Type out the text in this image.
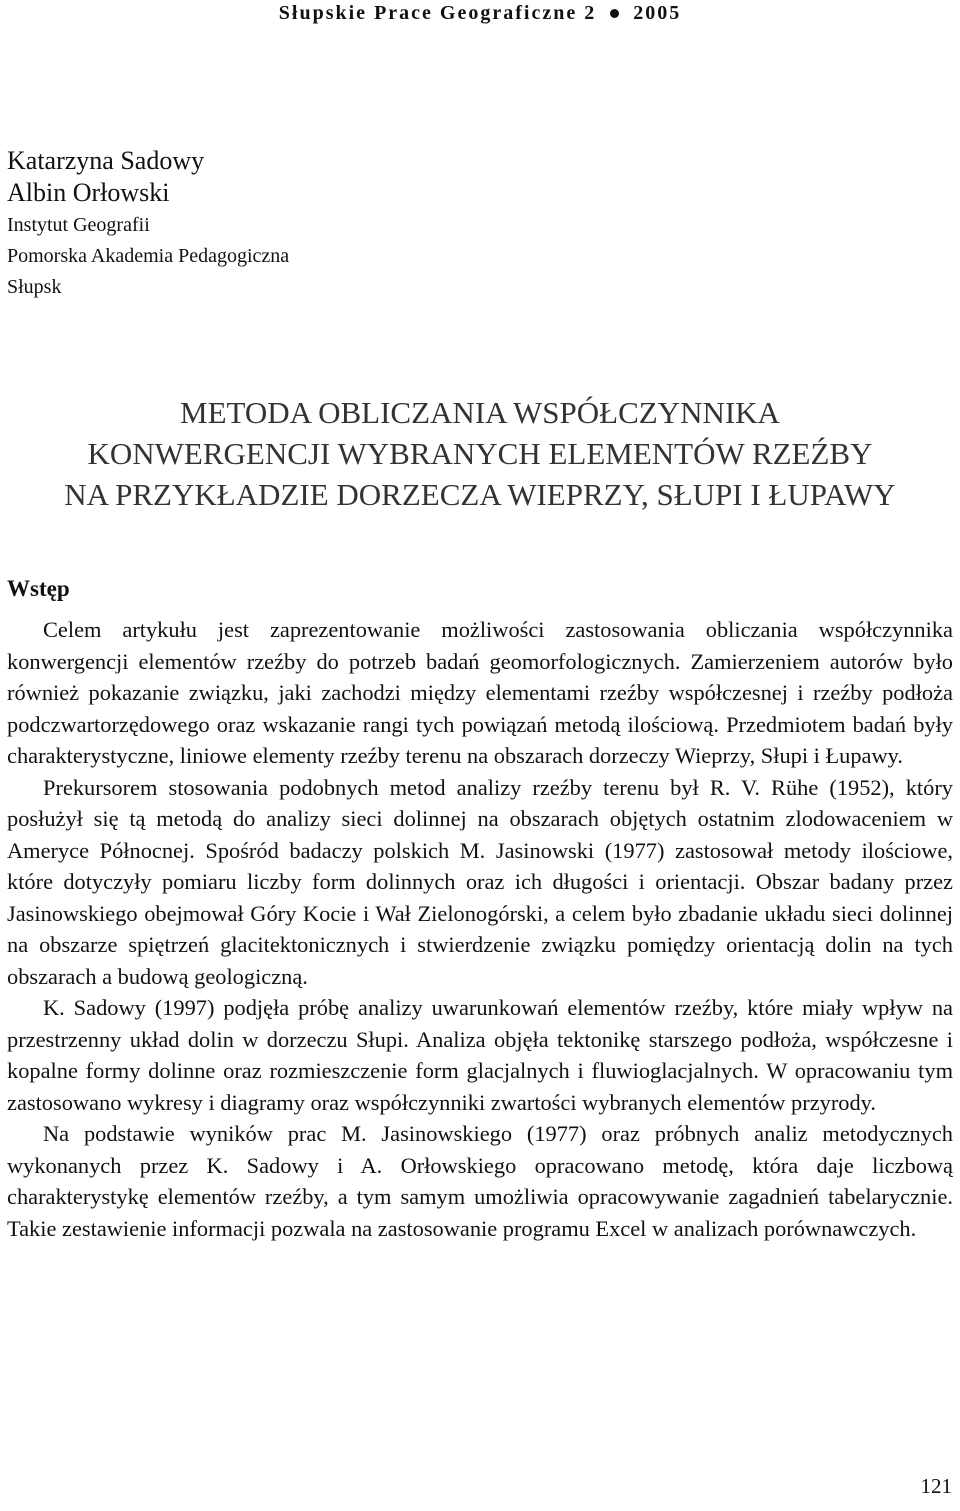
Słupskie Prace Geograficzne 2 2005
Katarzyna Sadowy
Albin Orłowski
Instytut Geografii
Pomorska Akademia Pedagogiczna
Słupsk
METODA OBLICZANIA WSPÓŁCZYNNIKA
KONWERGENCJI WYBRANYCH ELEMENTÓW RZEŹBY
NA PRZYKŁADZIE DORZECZA WIEPRZY, SŁUPI I ŁUPAWY
Wstęp

Celem artykułu jest zaprezentowanie możliwości zastosowania obliczania współczynnika konwergencji elementów rzeźby do potrzeb badań geomorfologicznych. Zamierzeniem autorów było również pokazanie związku, jaki zachodzi między elementami rzeźby współczesnej i rzeźby podłoża podczwartorzędowego oraz wskazanie rangi tych powiązań metodą ilościową. Przedmiotem badań były charakterystyczne, liniowe elementy rzeźby terenu na obszarach dorzeczy Wieprzy, Słupi i Łupawy.

Prekursorem stosowania podobnych metod analizy rzeźby terenu był R. V. Rühe (1952), który posłużył się tą metodą do analizy sieci dolinnej na obszarach objętych ostatnim zlodowaceniem w Ameryce Północnej. Spośród badaczy polskich M. Jasinowski (1977) zastosował metody ilościowe, które dotyczyły pomiaru liczby form dolinnych oraz ich długości i orientacji. Obszar badany przez Jasinowskiego obejmował Góry Kocie i Wał Zielonogórski, a celem było zbadanie układu sieci dolinnej na obszarze spiętrzeń glacitektonicznych i stwierdzenie związku pomiędzy orientacją dolin na tych obszarach a budową geologiczną.

K. Sadowy (1997) podjęła próbę analizy uwarunkowań elementów rzeźby, które miały wpływ na przestrzenny układ dolin w dorzeczu Słupi. Analiza objęła tektonikę starszego podłoża, współczesne i kopalne formy dolinne oraz rozmieszczenie form glacjalnych i fluwioglacjalnych. W opracowaniu tym zastosowano wykresy i diagramy oraz współczynniki zwartości wybranych elementów przyrody.

Na podstawie wyników prac M. Jasinowskiego (1977) oraz próbnych analiz metodycznych wykonanych przez K. Sadowy i A. Orłowskiego opracowano metodę, która daje liczbową charakterystykę elementów rzeźby, a tym samym umożliwia opracowywanie zagadnień tabelarycznie. Takie zestawienie informacji pozwala na zastosowanie programu Excel w analizach porównawczych.

121
